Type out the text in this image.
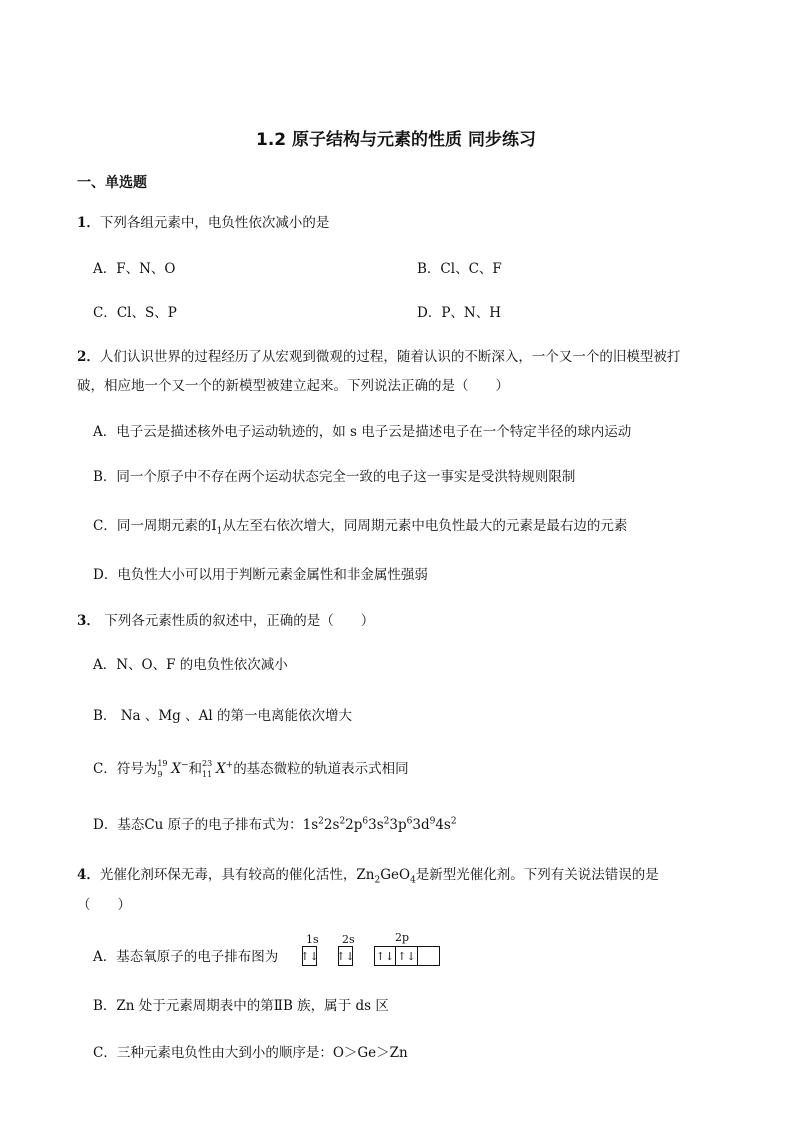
1.2 原子结构与元素的性质 同步练习
一、单选题
1．下列各组元素中，电负性依次减小的是
A．F、N、O	B．Cl、C、F
C．Cl、S、P	D．P、N、H
2．人们认识世界的过程经历了从宏观到微观的过程，随着认识的不断深入，一个又一个的旧模型被打
破，相应地一个又一个的新模型被建立起来。下列说法正确的是（　　）
A．电子云是描述核外电子运动轨迹的，如 s 电子云是描述电子在一个特定半径的球内运动
B．同一个原子中不存在两个运动状态完全一致的电子这一事实是受洪特规则限制
C．同一周期元素的$I_1$从左至右依次增大，同周期元素中电负性最大的元素是最右边的元素
D．电负性大小可以用于判断元素金属性和非金属性强弱
3． 下列各元素性质的叙述中，正确的是（　　）
A．N、O、F 的电负性依次减小
B． Na 、Mg 、Al 的第一电离能依次增大
C．符号为 19
9 X−和 23
11 X+的基态微粒的轨道表示式相同
D．基态Cu 原子的电子排布式为：$1s^22s^22p^63s^23p^63d^94s^2$
4．光催化剂环保无毒，具有较高的催化活性，$Zn_2GeO_4$是新型光催化剂。下列有关说法错误的是
（　　）
A．基态氧原子的电子排布图为
1s 2s	2p
↑↓ ↑↓ ↑↓ ↑↓
B．Zn 处于元素周期表中的第ⅡB 族，属于 ds 区
C．三种元素电负性由大到小的顺序是：O＞Ge＞Zn
